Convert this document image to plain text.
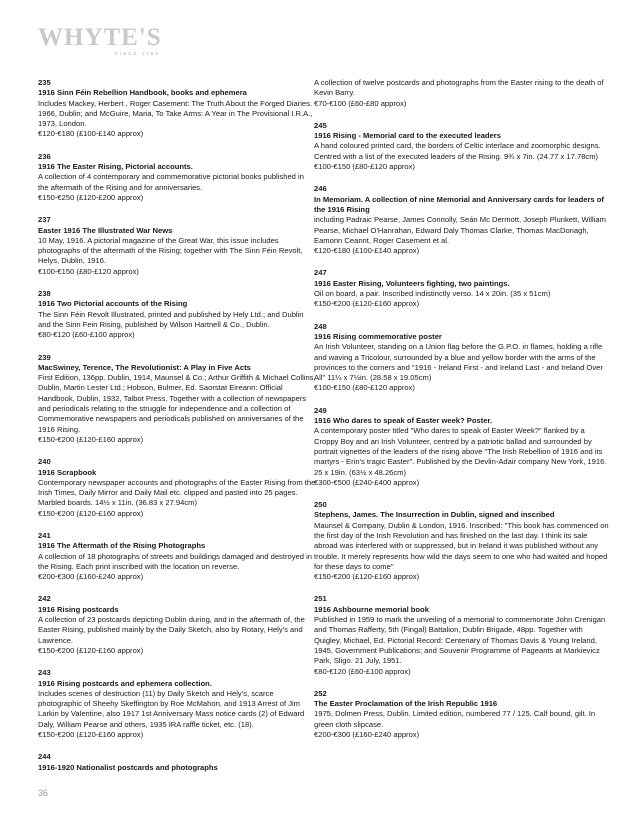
WHYTE'S
SINCE 1783
235
1916 Sinn Féin Rebellion Handbook, books and ephemera
Includes Mackey, Herbert , Roger Casement: The Truth About the Forged Diaries. 1966, Dublin; and McGuire, Maria, To Take Arms: A Year in The Provisional I.R.A., 1973, London.
€120-€180 (£100-£140 approx)
236
1916 The Easter Rising, Pictorial accounts.
A collection of 4 contemporary and commemorative pictorial books published in the aftermath of the Rising and for anniversaries.
€150-€250 (£120-£200 approx)
237
Easter 1916 The Illustrated War News
10 May, 1916. A pictorial magazine of the Great War, this issue includes photographs of the aftermath of the Rising; together with The Sinn Féin Revolt, Helys, Dublin, 1916.
€100-€150 (£80-£120 approx)
238
1916 Two Pictorial accounts of the Rising
The Sinn Féin Revolt Illustrated, printed and published by Hely Ltd.; and Dublin and the Sinn Fein Rising, published by Wilson Hartnell & Co., Dublin.
€80-€120 (£60-£100 approx)
239
MacSwiney, Terence, The Revolutionist: A Play in Five Acts
First Edition, 136pp. Dublin, 1914, Maunsel & Co.; Arthur Griffith & Michael Collins, Dublin, Martin Lester Ltd.; Hobson, Bulmer, Ed. Saorstat Eireann: Official Handbook, Dublin, 1932, Talbot Press. Together with a collection of newspapers and periodicals relating to the struggle for independence and a collection of Commemorative newspapers and periodicals published on anniversaries of the 1916 Rising.
€150-€200 (£120-£160 approx)
240
1916 Scrapbook
Contemporary newspaper accounts and photographs of the Easter Rising from the Irish Times, Daily Mirror and Daily Mail etc. clipped and pasted into 25 pages. Marbled boards. 14½ x 11in. (36.83 x 27.94cm)
€150-€200 (£120-£160 approx)
241
1916 The Aftermath of the Rising Photographs
A collection of 18 photographs of streets and buildings damaged and destroyed in the Rising. Each print inscribed with the location on reverse.
€200-€300 (£160-£240 approx)
242
1916 Rising postcards
A collection of 23 postcards depicting Dublin during, and in the aftermath of, the Easter Rising, published mainly by the Daily Sketch, also by Rotary, Hely's and Lawrence.
€150-€200 (£120-£160 approx)
243
1916 Rising postcards and ephemera collection.
Includes scenes of destruction (11) by Daily Sketch and Hely's, scarce photographic of Sheehy Skeffington by Roe McMahon, and 1913 Arrest of Jim Larkin by Valentine, also 1917 1st Anniversary Mass notice cards (2) of Edward Daly, William Pearse and others, 1935 IRA raffle ticket, etc. (18).
€150-€200 (£120-£160 approx)
244
1916-1920 Nationalist postcards and photographs
A collection of twelve postcards and photographs from the Easter rising to the death of Kevin Barry.
€70-€100 (£60-£80 approx)
245
1916 Rising - Memorial card to the executed leaders
A hand coloured printed card, the borders of Celtic interlace and zoomorphic designs. Centred with a list of the executed leaders of the Rising. 9¾ x 7in. (24.77 x 17.78cm)
€100-€150 (£80-£120 approx)
246
In Memoriam. A collection of nine Memorial and Anniversary cards for leaders of the 1916 Rising
including Padraic Pearse, James Connolly, Seán Mc Dermott, Joseph Plunkett, William Pearse, Michael O'Hanrahan, Edward Daly Thomas Clarke, Thomas MacDonagh, Eamonn Ceannt, Roger Casement et al.
€120-€180 (£100-£140 approx)
247
1916 Easter Rising, Volunteers fighting, two paintings.
Oil on board, a pair. Inscribed indistinctly verso. 14 x 20in. (35 x 51cm)
€150-€200 (£120-£160 approx)
248
1916 Rising commemorative poster
An Irish Volunteer, standing on a Union flag before the G.P.O. in flames, holding a rifle and waving a Tricolour, surrounded by a blue and yellow border with the arms of the provinces to the corners and "1916 - Ireland First - and Ireland Last - and Ireland Over All" 11¼ x 7½in. (28.58 x 19.05cm)
€100-€150 (£80-£120 approx)
249
1916 Who dares to speak of Easter week? Poster.
A contemporary poster titled "Who dares to speak of Easter Week?" flanked by a Croppy Boy and an Irish Volunteer, centred by a patriotic ballad and surrounded by portrait vignettes of the leaders of the rising above "The Irish Rebellion of 1916 and its martyrs - Erin's tragic Easter". Published by the Devlin-Adair company New York, 1916. 25 x 19in. (63½ x 48.26cm)
€300-€500 (£240-£400 approx)
250
Stephens, James. The Insurrection in Dublin, signed and inscribed
Maunsel & Company, Dublin & London, 1916. Inscribed: "This book has commenced on the first day of the Irish Revolution and has finished on the last day. I think its sale abroad was interfered with or suppressed, but in Ireland it was published without any trouble. It merely represents how wild the days seem to one who had waited and hoped for these days to come"
€150-€200 (£120-£160 approx)
251
1916 Ashbourne memorial book
Published in 1959 to mark the unveiling of a memorial to commemorate John Crenigan and Thomas Rafferty, 5th (Fingal) Battalion, Dublin Brigade, 48pp. Together with Quigley, Michael, Ed. Pictorial Record: Centenary of Thomas Davis & Young Ireland, 1945, Government Publications; and Souvenir Programme of Pageants at Markievicz Park, Sligo. 21 July, 1951.
€80-€120 (£60-£100 approx)
252
The Easter Proclamation of the Irish Republic 1916
1975, Dolmen Press, Dublin. Limited edition, numbered 77 / 125. Calf bound, gilt. In green cloth slipcase.
€200-€300 (£160-£240 approx)
36
